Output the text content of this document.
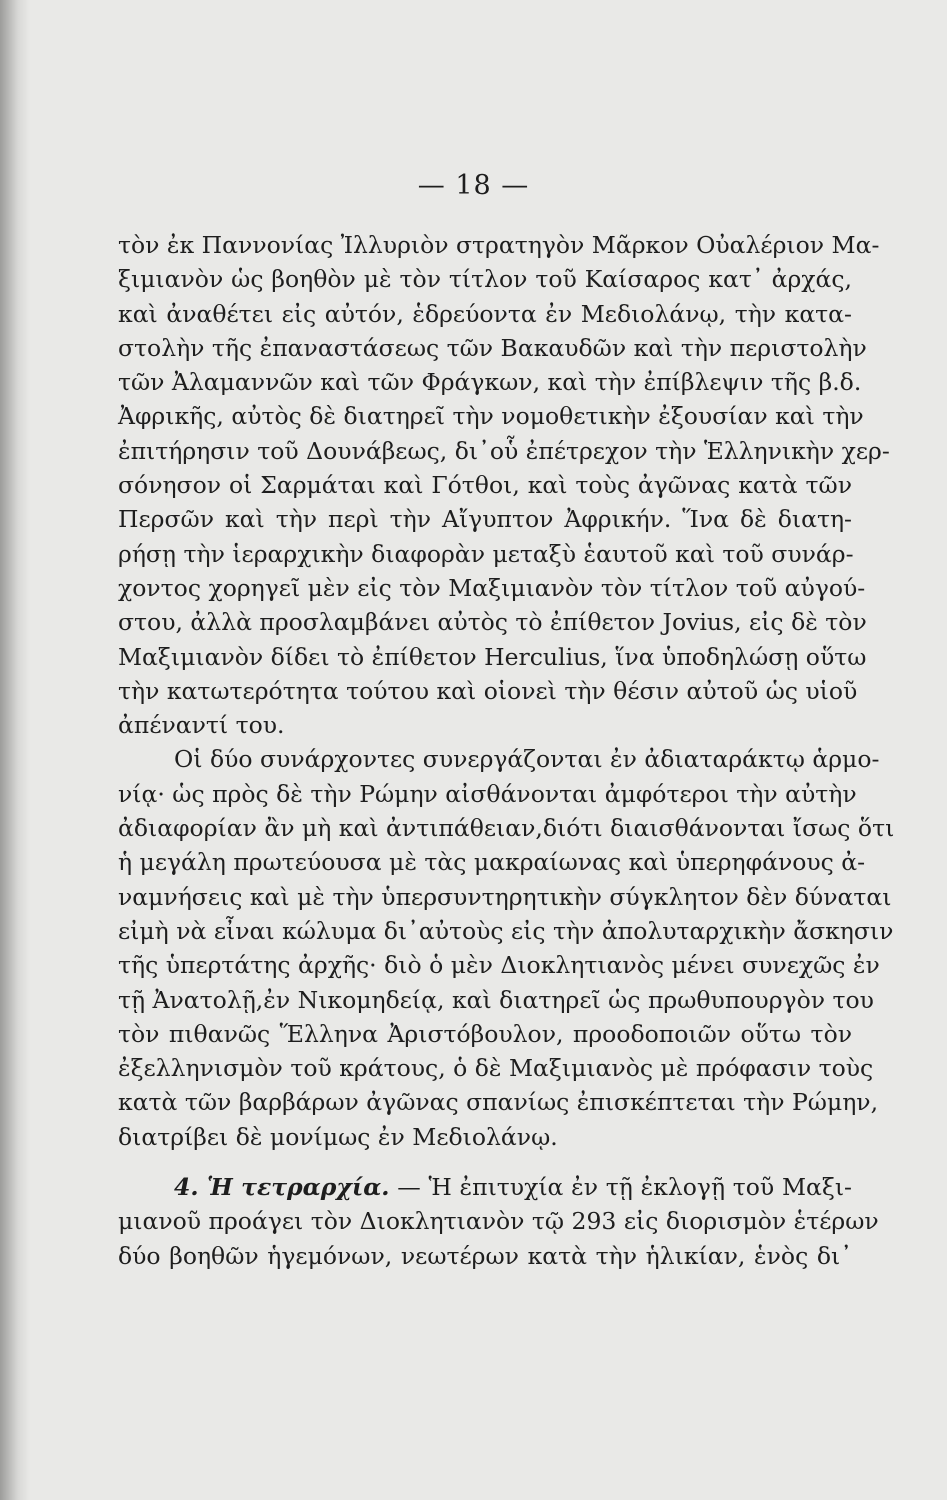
— 18 —
τὸν ἐκ Παννονίας Ἰλλυριὸν στρατηγὸν Μᾶρκον Οὐαλέριον Μα-
ξιμιανὸν ὡς βοηθὸν μὲ τὸν τίτλον τοῦ Καίσαρος κατ᾽ ἀρχάς,
καὶ ἀναθέτει εἰς αὐτόν, ἑδρεύοντα ἐν Μεδιολάνῳ, τὴν κατα-
στολὴν τῆς ἐπαναστάσεως τῶν Βακαυδῶν καὶ τὴν περιστολὴν
τῶν Ἀλαμαννῶν καὶ τῶν Φράγκων, καὶ τὴν ἐπίβλεψιν τῆς β.δ.
Ἀφρικῆς, αὐτὸς δὲ διατηρεῖ τὴν νομοθετικὴν ἐξουσίαν καὶ τὴν
ἐπιτήρησιν τοῦ Δουνάβεως, δι᾽οὗ ἐπέτρεχον τὴν Ἑλληνικὴν χερ-
σόνησον οἱ Σαρμάται καὶ Γότθοι, καὶ τοὺς ἀγῶνας κατὰ τῶν
Περσῶν καὶ τὴν περὶ τὴν Αἴγυπτον Ἀφρικήν. Ἵνα δὲ διατη-
ρήσῃ τὴν ἱεραρχικὴν διαφορὰν μεταξὺ ἑαυτοῦ καὶ τοῦ συνάρ-
χοντος χορηγεῖ μὲν εἰς τὸν Μαξιμιανὸν τὸν τίτλον τοῦ αὐγού-
στου, ἀλλὰ προσλαμβάνει αὐτὸς τὸ ἐπίθετον Jovius, εἰς δὲ τὸν
Μαξιμιανὸν δίδει τὸ ἐπίθετον Herculius, ἵνα ὑποδηλώσῃ οὕτω
τὴν κατωτερότητα τούτου καὶ οἱονεὶ τὴν θέσιν αὐτοῦ ὡς υἱοῦ
ἀπέναντί του.
Οἱ δύο συνάρχοντες συνεργάζονται ἐν ἀδιαταράκτῳ ἁρμο-
νίᾳ· ὡς πρὸς δὲ τὴν Ρώμην αἰσθάνονται ἀμφότεροι τὴν αὐτὴν
ἀδιαφορίαν ἂν μὴ καὶ ἀντιπάθειαν,διότι διαισθάνονται ἴσως ὅτι
ἡ μεγάλη πρωτεύουσα μὲ τὰς μακραίωνας καὶ ὑπερηφάνους ἀ-
ναμνήσεις καὶ μὲ τὴν ὑπερσυντηρητικὴν σύγκλητον δὲν δύναται
εἰμὴ νὰ εἶναι κώλυμα δι᾽αὐτοὺς εἰς τὴν ἀπολυταρχικὴν ἄσκησιν
τῆς ὑπερτάτης ἀρχῆς· διὸ ὁ μὲν Διοκλητιανὸς μένει συνεχῶς ἐν
τῇ Ἀνατολῇ,ἐν Νικομηδείᾳ, καὶ διατηρεῖ ὡς πρωθυπουργὸν του
τὸν πιθανῶς Ἕλληνα Ἀριστόβουλον, προοδοποιῶν οὕτω τὸν
ἐξελληνισμὸν τοῦ κράτους, ὁ δὲ Μαξιμιανὸς μὲ πρόφασιν τοὺς
κατὰ τῶν βαρβάρων ἀγῶνας σπανίως ἐπισκέπτεται τὴν Ρώμην,
διατρίβει δὲ μονίμως ἐν Μεδιολάνῳ.
4. Ἡ τετραρχία. — Ἡ ἐπιτυχία ἐν τῇ ἐκλογῇ τοῦ Μαξι-
μιανοῦ προάγει τὸν Διοκλητιανὸν τῷ 293 εἰς διορισμὸν ἑτέρων
δύο βοηθῶν ἡγεμόνων, νεωτέρων κατὰ τὴν ἡλικίαν, ἑνὸς δι᾽
